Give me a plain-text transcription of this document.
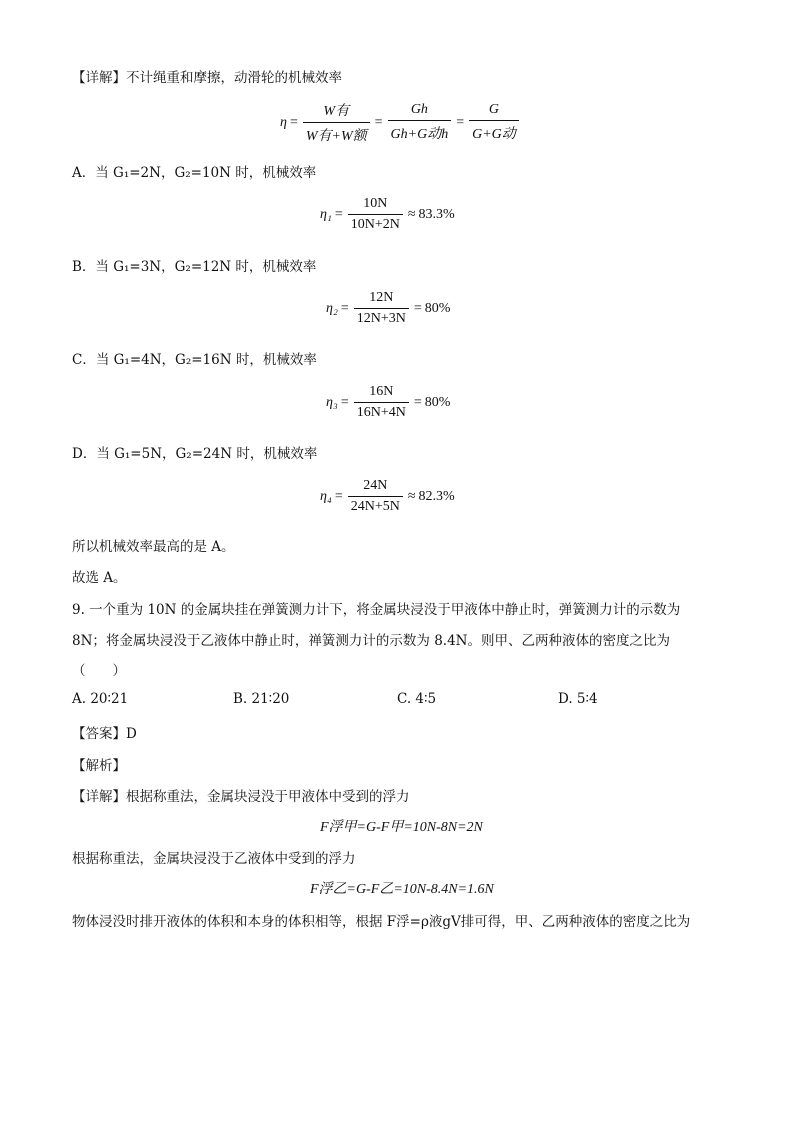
【详解】不计绳重和摩擦，动滑轮的机械效率
$\eta = \frac{\text{W有}}{\text{W有+W额}} = \frac{Gh}{\text{Gh+G动h}} = \frac{G}{\text{G+G动}}$
A．当 G₁=2N，G₂=10N 时，机械效率
$\eta_1 = \frac{10N}{10N+2N} \approx 83.3\%$
B．当 G₁=3N，G₂=12N 时，机械效率
$\eta_2 = \frac{12N}{12N+3N} = 80\%$
C．当 G₁=4N，G₂=16N 时，机械效率
$\eta_3 = \frac{16N}{16N+4N} = 80\%$
D．当 G₁=5N，G₂=24N 时，机械效率
$\eta_4 = \frac{24N}{24N+5N} \approx 82.3\%$
所以机械效率最高的是 A。
故选 A。
9. 一个重为 10N 的金属块挂在弹簧测力计下，将金属块浸没于甲液体中静止时，弹簧测力计的示数为
8N；将金属块浸没于乙液体中静止时，禅簧测力计的示数为 8.4N。则甲、乙两种液体的密度之比为
（　　）
A. 20∶21	B. 21∶20	C. 4∶5	D. 5∶4
【答案】D
【解析】
【详解】根据称重法，金属块浸没于甲液体中受到的浮力
F浮甲=G-F甲=10N-8N=2N
根据称重法，金属块浸没于乙液体中受到的浮力
F浮乙=G-F乙=10N-8.4N=1.6N
物体浸没时排开液体的体积和本身的体积相等，根据 F浮=ρ液gV排可得，甲、乙两种液体的密度之比为
